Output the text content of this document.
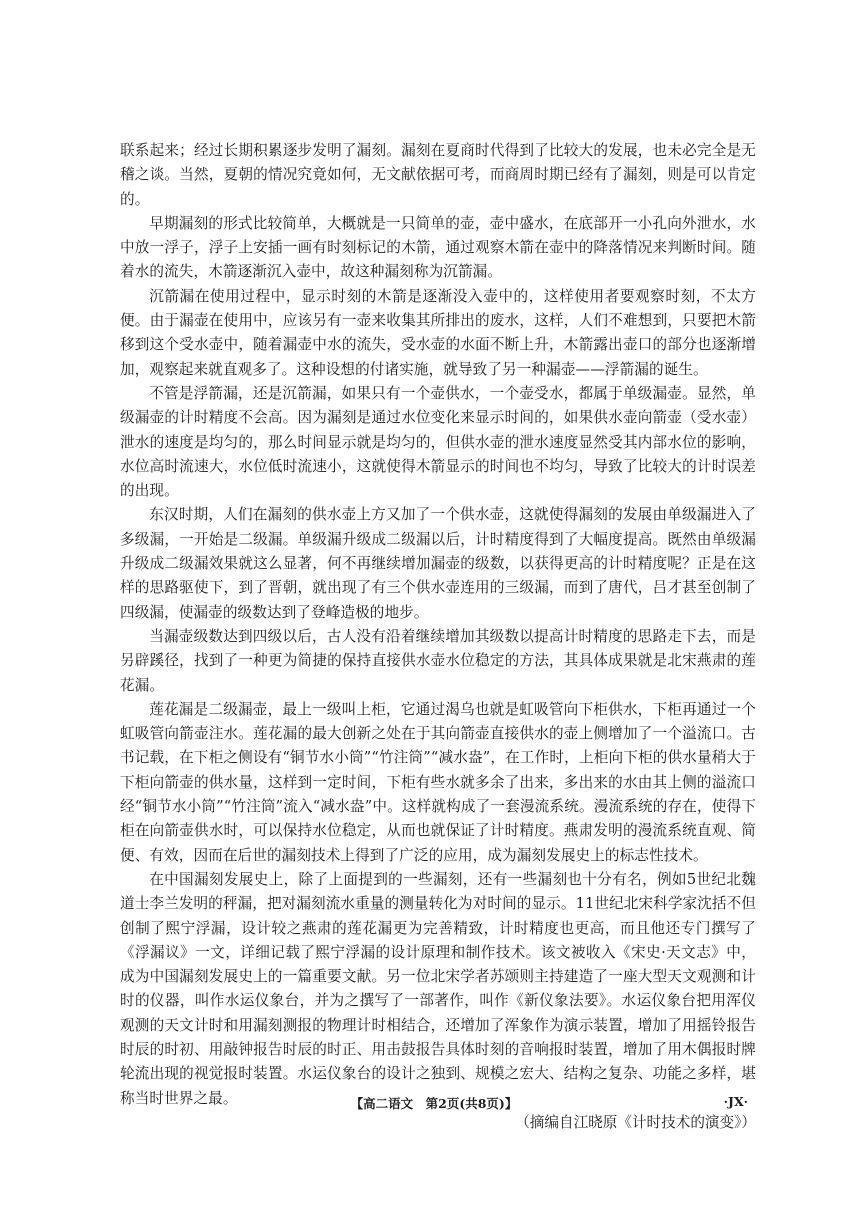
联系起来；经过长期积累逐步发明了漏刻。漏刻在夏商时代得到了比较大的发展，也未必完全是无稽之谈。当然，夏朝的情况究竟如何，无文献依据可考，而商周时期已经有了漏刻，则是可以肯定的。

早期漏刻的形式比较简单，大概就是一只简单的壶，壶中盛水，在底部开一小孔向外泄水，水中放一浮子，浮子上安插一画有时刻标记的木箭，通过观察木箭在壶中的降落情况来判断时间。随着水的流失，木箭逐渐沉入壶中，故这种漏刻称为沉箭漏。

沉箭漏在使用过程中，显示时刻的木箭是逐渐没入壶中的，这样使用者要观察时刻，不太方便。由于漏壶在使用中，应该另有一壶来收集其所排出的废水，这样，人们不难想到，只要把木箭移到这个受水壶中，随着漏壶中水的流失，受水壶的水面不断上升，木箭露出壶口的部分也逐渐增加，观察起来就直观多了。这种设想的付诸实施，就导致了另一种漏壶——浮箭漏的诞生。

不管是浮箭漏，还是沉箭漏，如果只有一个壶供水，一个壶受水，都属于单级漏壶。显然，单级漏壶的计时精度不会高。因为漏刻是通过水位变化来显示时间的，如果供水壶向箭壶（受水壶）泄水的速度是均匀的，那么时间显示就是均匀的，但供水壶的泄水速度显然受其内部水位的影响，水位高时流速大，水位低时流速小，这就使得木箭显示的时间也不均匀，导致了比较大的计时误差的出现。

东汉时期，人们在漏刻的供水壶上方又加了一个供水壶，这就使得漏刻的发展由单级漏进入了多级漏，一开始是二级漏。单级漏升级成二级漏以后，计时精度得到了大幅度提高。既然由单级漏升级成二级漏效果就这么显著，何不再继续增加漏壶的级数，以获得更高的计时精度呢？正是在这样的思路驱使下，到了晋朝，就出现了有三个供水壶连用的三级漏，而到了唐代，吕才甚至创制了四级漏，使漏壶的级数达到了登峰造极的地步。

当漏壶级数达到四级以后，古人没有沿着继续增加其级数以提高计时精度的思路走下去，而是另辟蹊径，找到了一种更为简捷的保持直接供水壶水位稳定的方法，其具体成果就是北宋燕肃的莲花漏。

莲花漏是二级漏壶，最上一级叫上柜，它通过渴乌也就是虹吸管向下柜供水，下柜再通过一个虹吸管向箭壶注水。莲花漏的最大创新之处在于其向箭壶直接供水的壶上侧增加了一个溢流口。古书记载，在下柜之侧设有“铜节水小筒”“竹注筒”“减水盎”，在工作时，上柜向下柜的供水量稍大于下柜向箭壶的供水量，这样到一定时间，下柜有些水就多余了出来，多出来的水由其上侧的溢流口经“铜节水小筒”“竹注筒”流入“减水盎”中。这样就构成了一套漫流系统。漫流系统的存在，使得下柜在向箭壶供水时，可以保持水位稳定，从而也就保证了计时精度。燕肃发明的漫流系统直观、简便、有效，因而在后世的漏刻技术上得到了广泛的应用，成为漏刻发展史上的标志性技术。

在中国漏刻发展史上，除了上面提到的一些漏刻，还有一些漏刻也十分有名，例如5世纪北魏道士李兰发明的秤漏，把对漏刻流水重量的测量转化为对时间的显示。11世纪北宋科学家沈括不但创制了熙宁浮漏，设计较之燕肃的莲花漏更为完善精致，计时精度也更高，而且他还专门撰写了《浮漏议》一文，详细记载了熙宁浮漏的设计原理和制作技术。该文被收入《宋史·天文志》中，成为中国漏刻发展史上的一篇重要文献。另一位北宋学者苏颂则主持建造了一座大型天文观测和计时的仪器，叫作水运仪象台，并为之撰写了一部著作，叫作《新仪象法要》。水运仪象台把用浑仪观测的天文计时和用漏刻测报的物理计时相结合，还增加了浑象作为演示装置，增加了用摇铃报告时辰的时初、用敲钟报告时辰的时正、用击鼓报告具体时刻的音响报时装置，增加了用木偶报时牌轮流出现的视觉报时装置。水运仪象台的设计之独到、规模之宏大、结构之复杂、功能之多样，堪称当时世界之最。

（摘编自江晓原《计时技术的演变》）

【高二语文　第2页(共8页)】	·JX·
